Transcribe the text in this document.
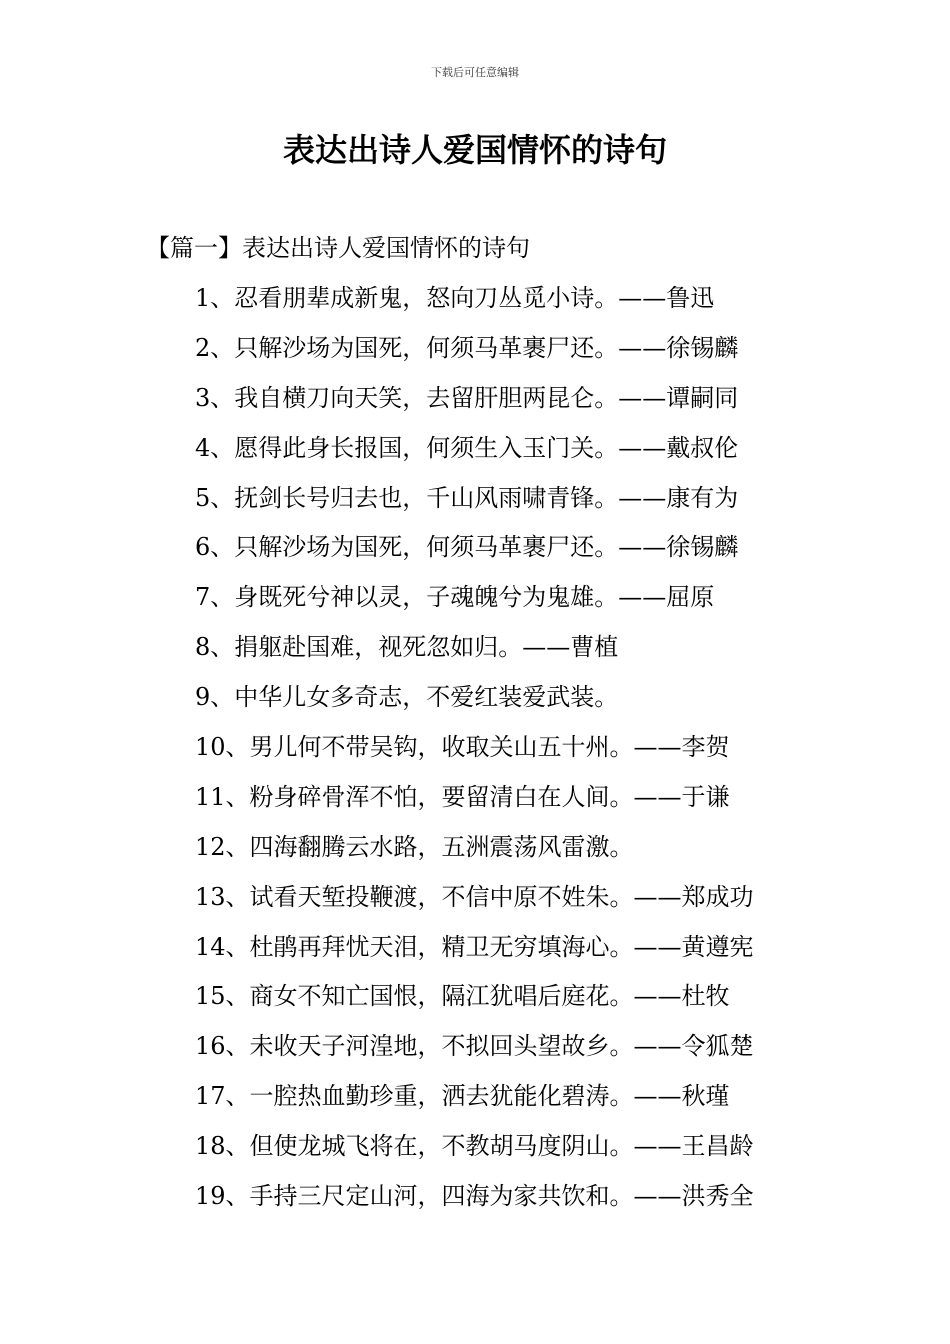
下载后可任意编辑
表达出诗人爱国情怀的诗句
【篇一】表达出诗人爱国情怀的诗句
1、忍看朋辈成新鬼，怒向刀丛觅小诗。——鲁迅
2、只解沙场为国死，何须马革裹尸还。——徐锡麟
3、我自横刀向天笑，去留肝胆两昆仑。——谭嗣同
4、愿得此身长报国，何须生入玉门关。——戴叔伦
5、抚剑长号归去也，千山风雨啸青锋。——康有为
6、只解沙场为国死，何须马革裹尸还。——徐锡麟
7、身既死兮神以灵，子魂魄兮为鬼雄。——屈原
8、捐躯赴国难，视死忽如归。——曹植
9、中华儿女多奇志，不爱红装爱武装。
10、男儿何不带吴钩，收取关山五十州。——李贺
11、粉身碎骨浑不怕，要留清白在人间。——于谦
12、四海翻腾云水路，五洲震荡风雷激。
13、试看天堑投鞭渡，不信中原不姓朱。——郑成功
14、杜鹃再拜忧天泪，精卫无穷填海心。——黄遵宪
15、商女不知亡国恨，隔江犹唱后庭花。——杜牧
16、未收天子河湟地，不拟回头望故乡。——令狐楚
17、一腔热血勤珍重，洒去犹能化碧涛。——秋瑾
18、但使龙城飞将在，不教胡马度阴山。——王昌龄
19、手持三尺定山河，四海为家共饮和。——洪秀全
